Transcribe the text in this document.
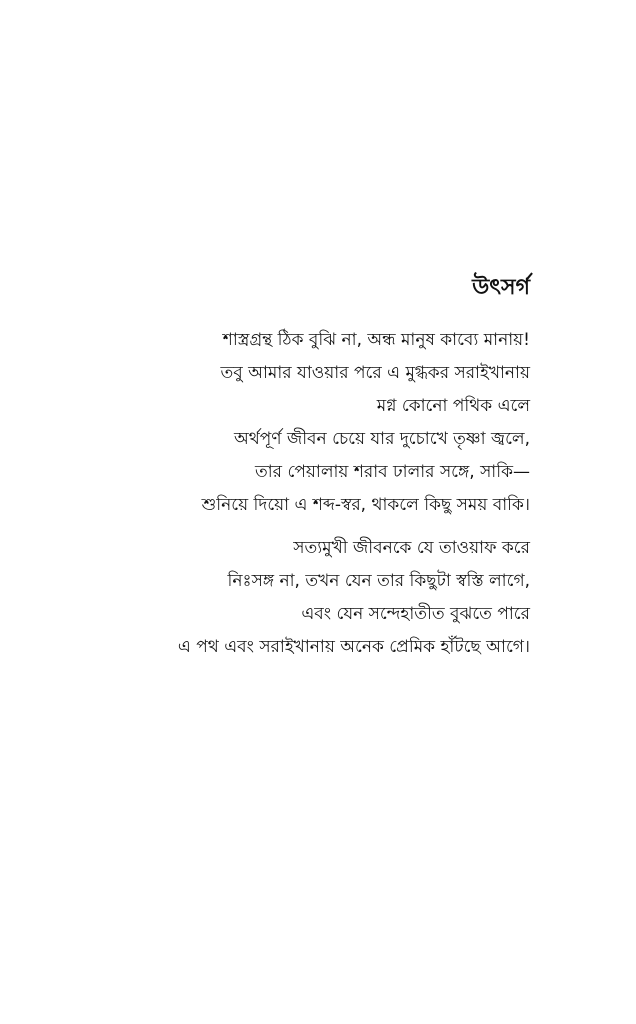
উৎসর্গ
শাস্ত্রগ্রন্থ ঠিক বুঝি না, অন্ধ মানুষ কাব্যে মানায়!
তবু আমার যাওয়ার পরে এ মুগ্ধকর সরাইখানায়
মগ্ন কোনো পথিক এলে
অর্থপূর্ণ জীবন চেয়ে যার দুচোখে তৃষ্ণা জ্বলে,
তার পেয়ালায় শরাব ঢালার সঙ্গে, সাকি—
শুনিয়ে দিয়ো এ শব্দ-স্বর, থাকলে কিছু সময় বাকি।
সত্যমুখী জীবনকে যে তাওয়াফ করে
নিঃসঙ্গ না, তখন যেন তার কিছুটা স্বস্তি লাগে,
এবং যেন সন্দেহাতীত বুঝতে পারে
এ পথ এবং সরাইখানায় অনেক প্রেমিক হাঁটছে আগে।
